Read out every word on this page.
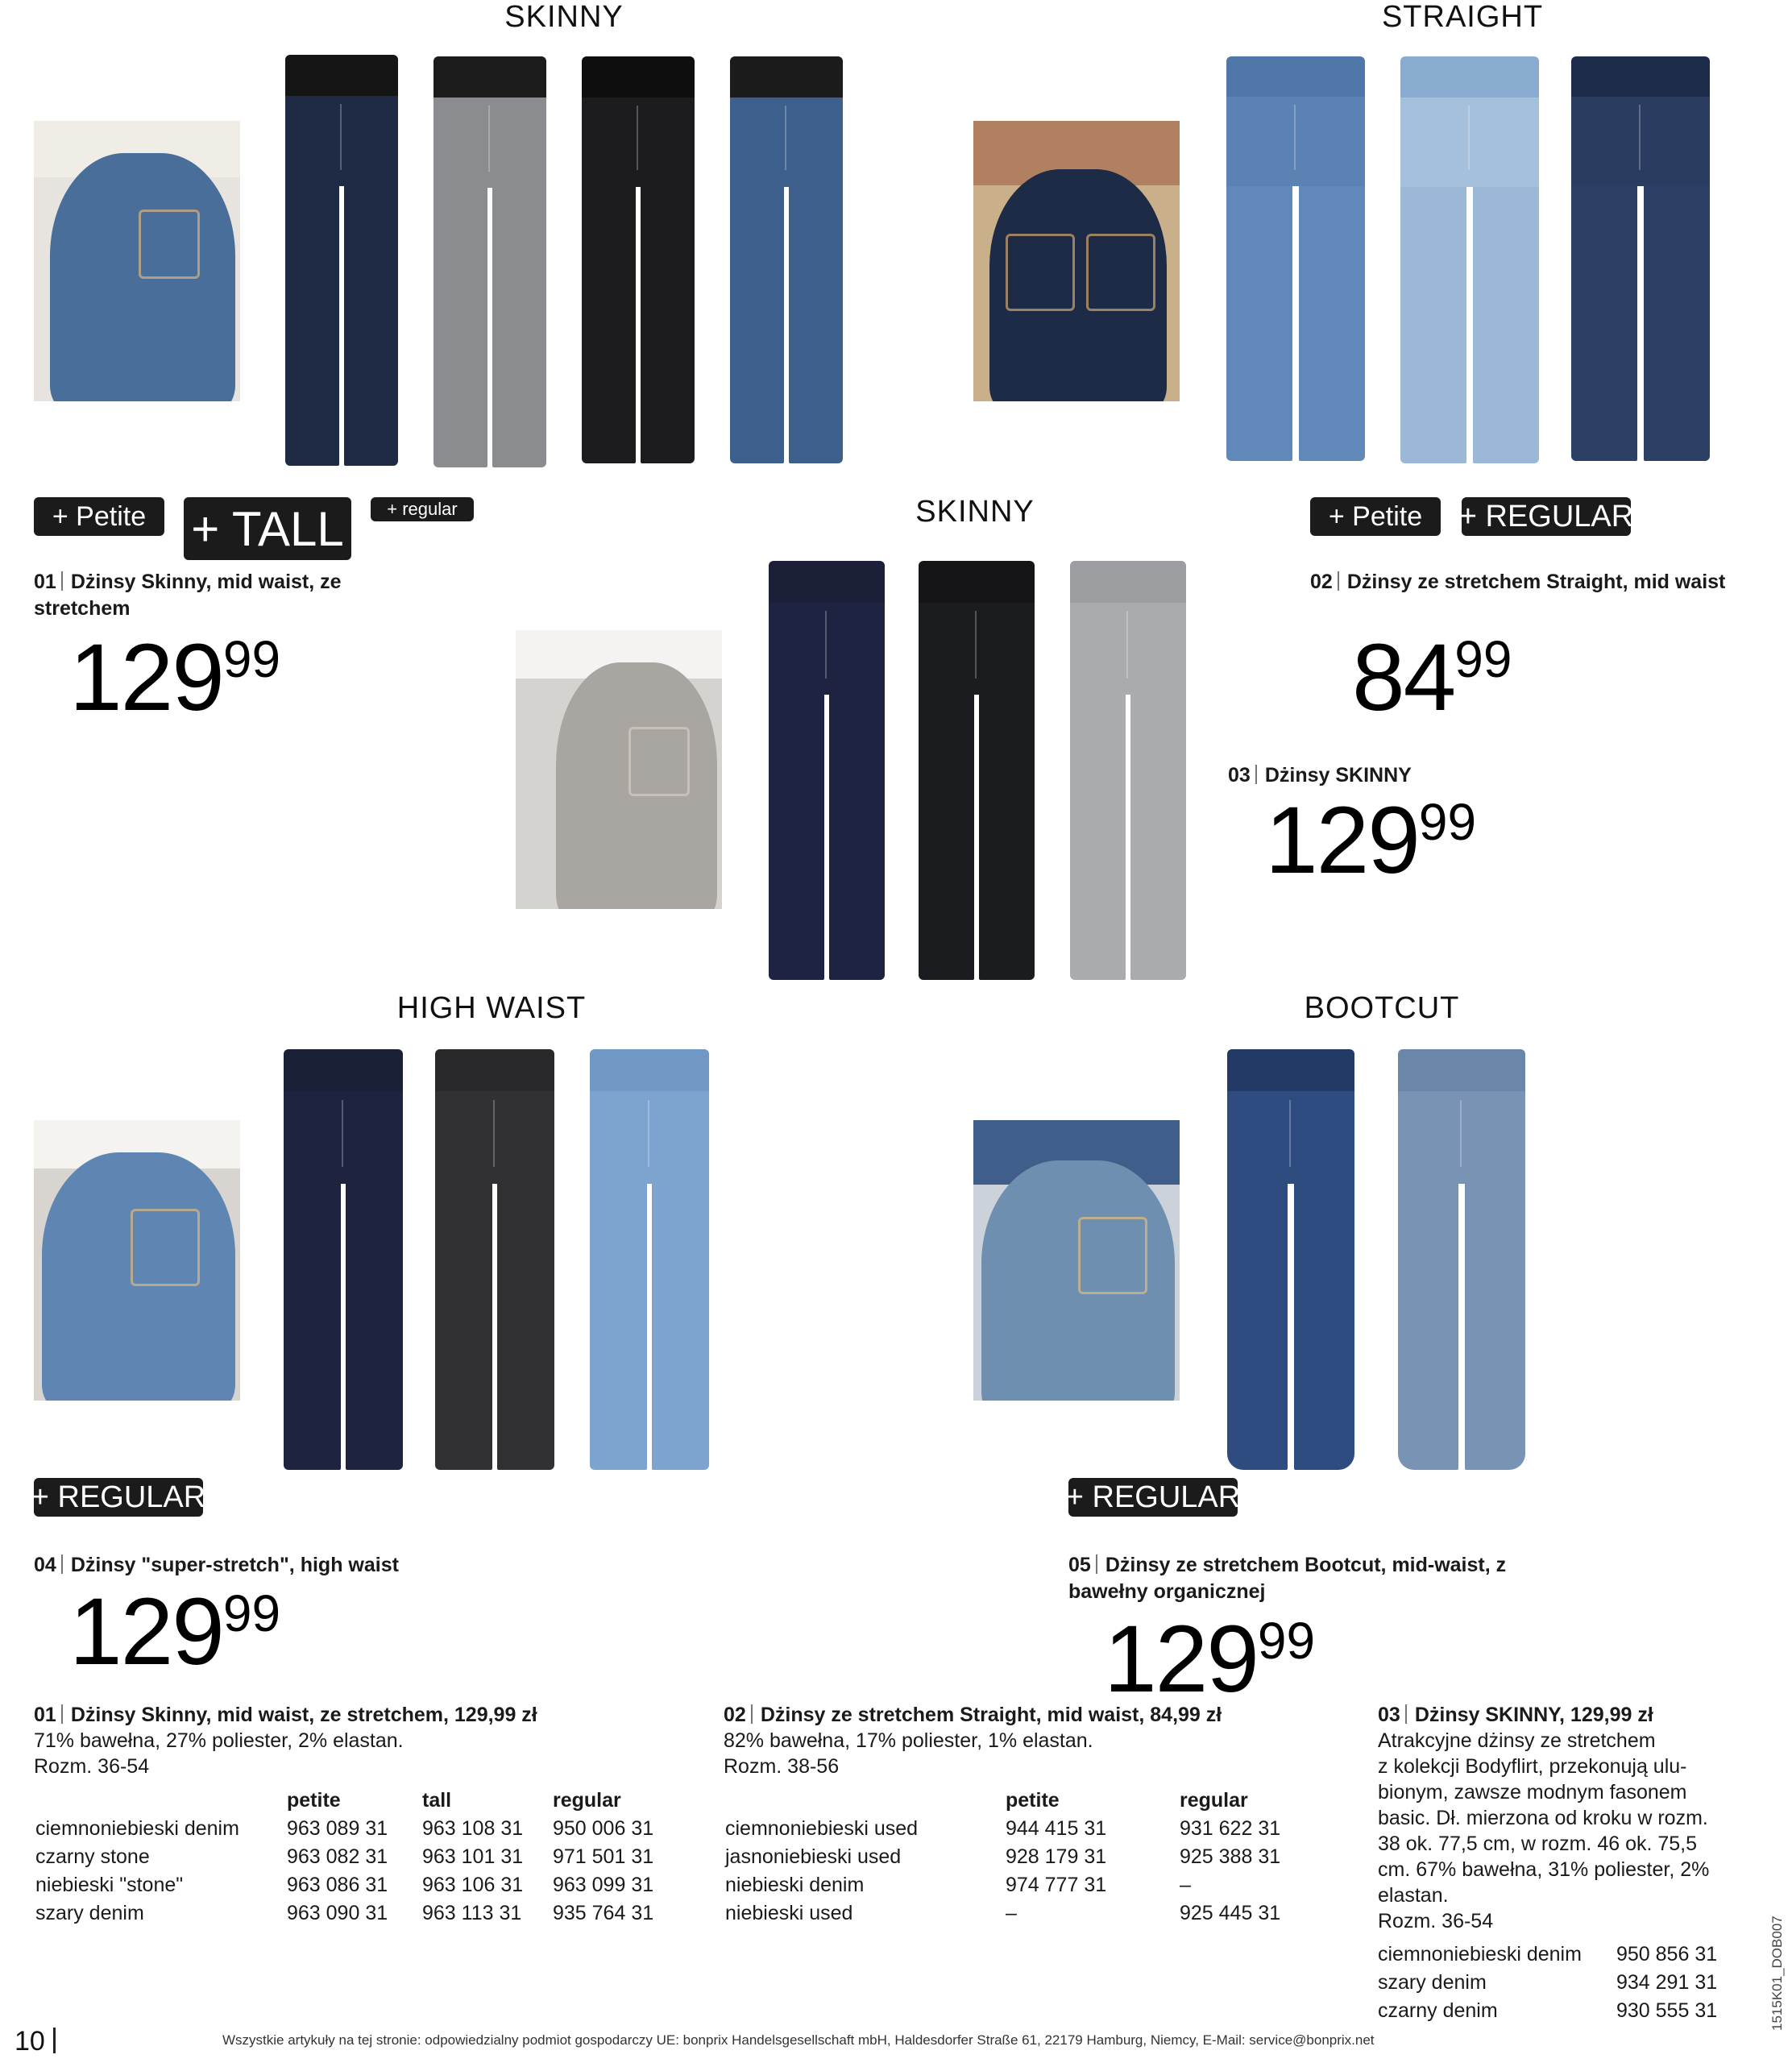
SKINNY	STRAIGHT
SKINNY
HIGH WAIST	BOOTCUT
+ Petite + TALL	+ regular
01 Dżinsy Skinny, mid waist, ze stretchem
12999
+ Petite	+ REGULAR
02 Dżinsy ze stretchem Straight, mid waist
8499
03 Dżinsy SKINNY
12999
+ REGULAR
04 Dżinsy "super-stretch", high waist
12999
+ REGULAR
05 Dżinsy ze stretchem Bootcut, mid-waist, z bawełny organicznej
12999
01 Dżinsy Skinny, mid waist, ze stretchem, 129,99 zł
71% bawełna, 27% poliester, 2% elastan.
Rozm. 36-54
	petite	tall	regular
ciemnoniebieski denim	963 089 31	963 108 31	950 006 31
czarny stone	963 082 31	963 101 31	971 501 31
niebieski "stone"	963 086 31	963 106 31	963 099 31
szary denim	963 090 31	963 113 31	935 764 31
02 Dżinsy ze stretchem Straight, mid waist, 84,99 zł
82% bawełna, 17% poliester, 1% elastan.
Rozm. 38-56
	petite	regular
ciemnoniebieski used	944 415 31	931 622 31
jasnoniebieski used	928 179 31	925 388 31
niebieski denim	974 777 31	–
niebieski used	–	925 445 31
03 Dżinsy SKINNY, 129,99 zł
Atrakcyjne dżinsy ze stretchem
z kolekcji Bodyflirt, przekonują ulu-
bionym, zawsze modnym fasonem
basic. Dł. mierzona od kroku w rozm.
38 ok. 77,5 cm, w rozm. 46 ok. 75,5
cm. 67% bawełna, 31% poliester, 2%
elastan.
Rozm. 36-54
ciemnoniebieski denim	950 856 31
szary denim	934 291 31
czarny denim	930 555 31
10	Wszystkie artykuły na tej stronie: odpowiedzialny podmiot gospodarczy UE: bonprix Handelsgesellschaft mbH, Haldesdorfer Straße 61, 22179 Hamburg, Niemcy, E-Mail: service@bonprix.net
1515K01_DOB007
